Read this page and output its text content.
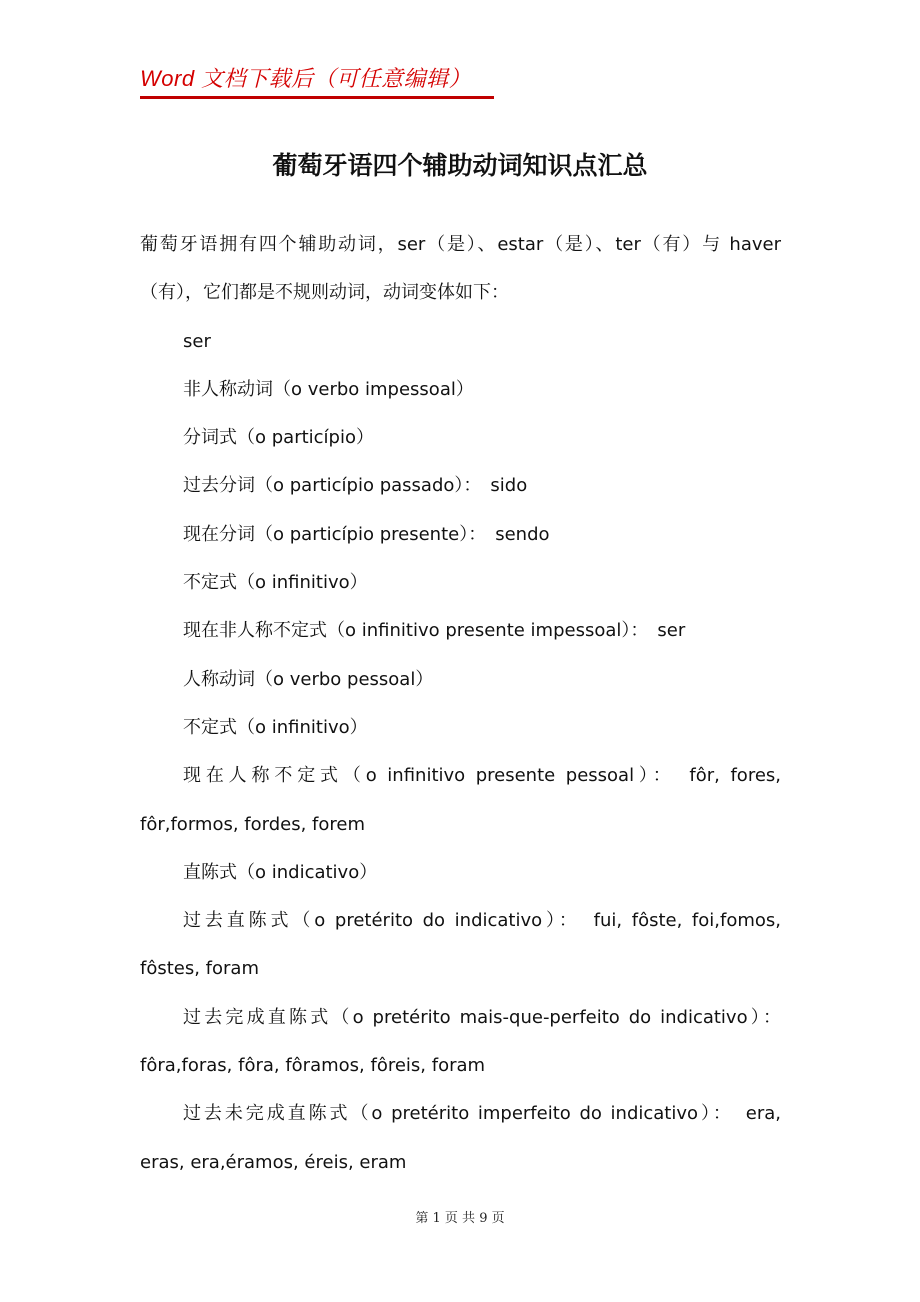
Word 文档下载后（可任意编辑）
葡萄牙语四个辅助动词知识点汇总

葡萄牙语拥有四个辅助动词，ser（是）、estar（是）、ter（有）与 haver（有），它们都是不规则动词，动词变体如下：

ser

非人称动词（o verbo impessoal）

分词式（o particípio）

过去分词（o particípio passado）：　sido

现在分词（o particípio presente）：　sendo

不定式（o infinitivo）

现在非人称不定式（o infinitivo presente impessoal）：　ser

人称动词（o verbo pessoal）

不定式（o infinitivo）

现在人称不定式（o infinitivo presente pessoal）：　fôr, fores, fôr,formos, fordes, forem

直陈式（o indicativo）

过去直陈式（o pretérito do indicativo）：　fui, fôste, foi,fomos, fôstes, foram

过去完成直陈式（o pretérito mais-que-perfeito do indicativo）：fôra,foras, fôra, fôramos, fôreis, foram

过去未完成直陈式（o pretérito imperfeito do indicativo）：　era, eras, era,éramos, éreis, eram

第 1 页 共 9 页
